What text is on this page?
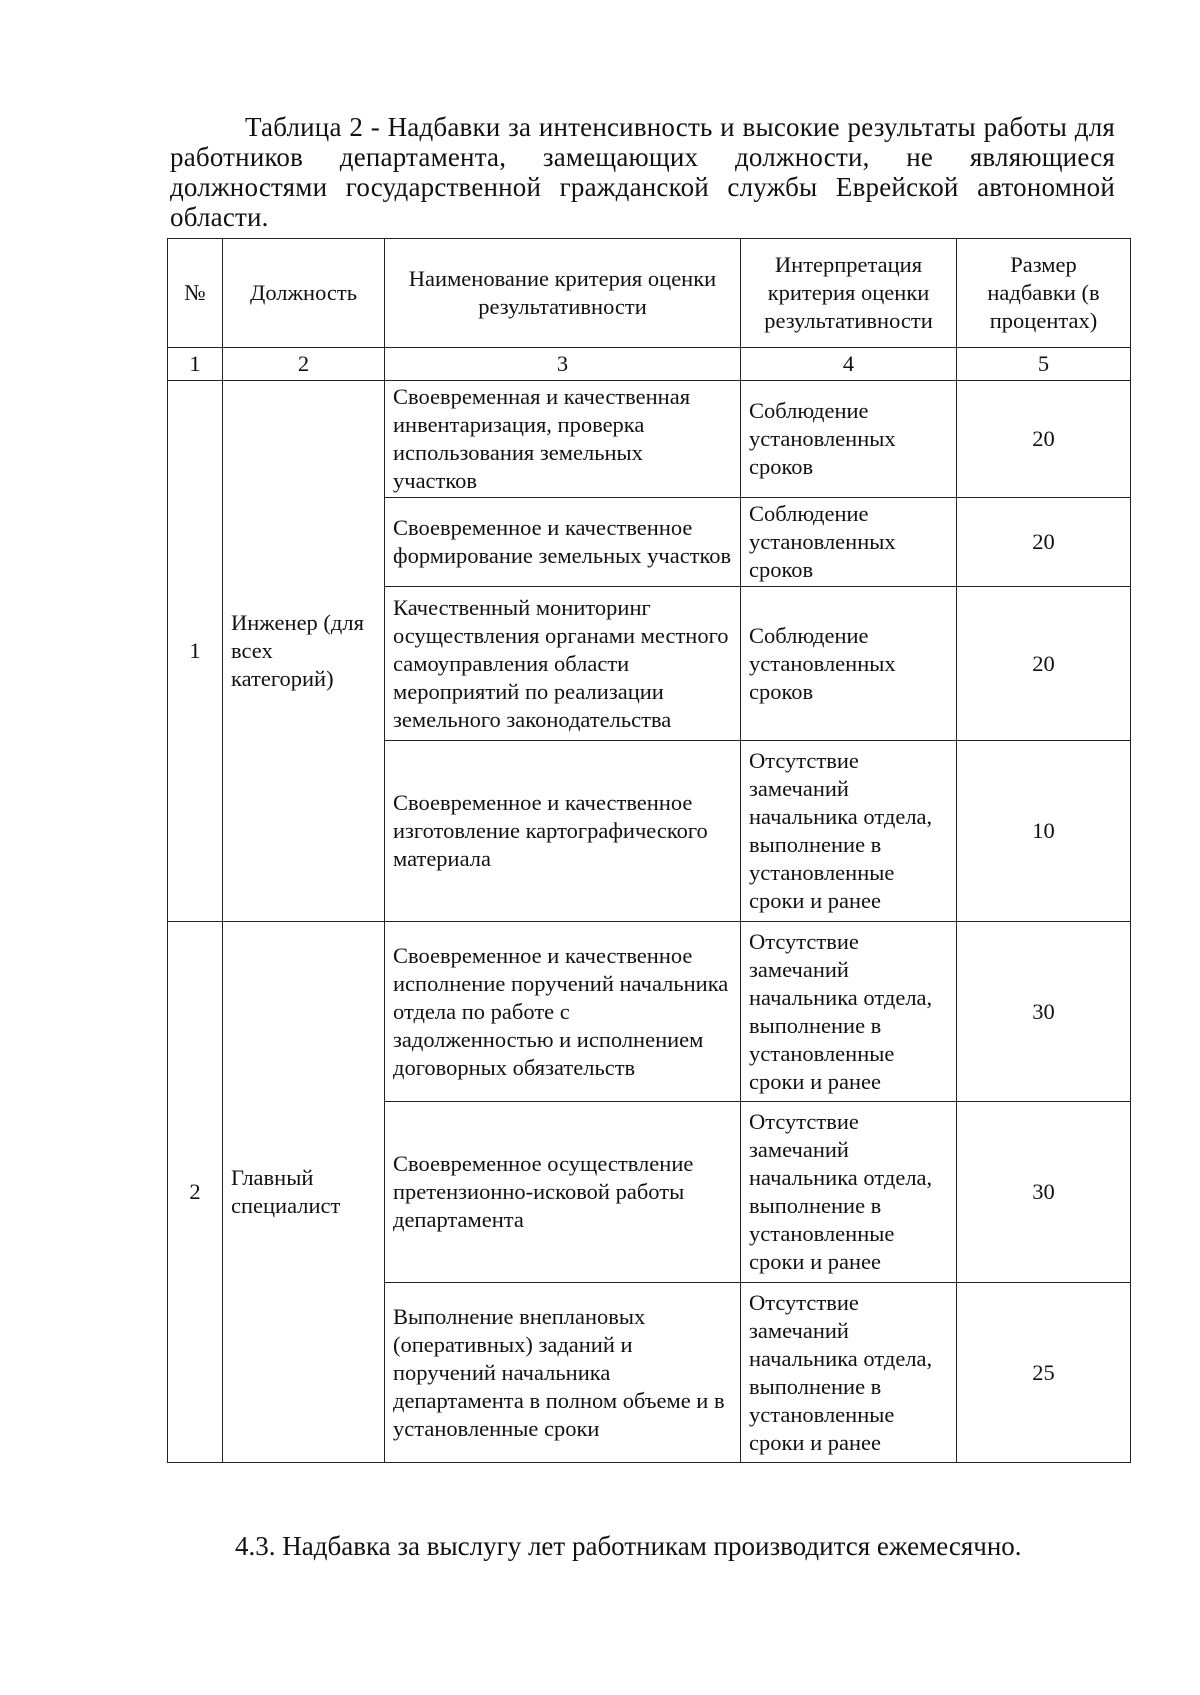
Таблица 2 - Надбавки за интенсивность и высокие результаты работы для работников департамента, замещающих должности, не являющиеся должностями государственной гражданской службы Еврейской автономной области.
№	Должность	Наименование критерия оценки результативности	Интерпретация критерия оценки результативности	Размер надбавки (в процентах)
1	2	3	4	5
1	Инженер (для всех категорий)	Своевременная и качественная инвентаризация, проверка использования земельных участков	Соблюдение установленных сроков	20
		Своевременное и качественное формирование земельных участков	Соблюдение установленных сроков	20
		Качественный мониторинг осуществления органами местного самоуправления области мероприятий по реализации земельного законодательства	Соблюдение установленных сроков	20
		Своевременное и качественное изготовление картографического материала	Отсутствие замечаний начальника отдела, выполнение в установленные сроки и ранее	10
2	Главный специалист	Своевременное и качественное исполнение поручений начальника отдела по работе с задолженностью и исполнением договорных обязательств	Отсутствие замечаний начальника отдела, выполнение в установленные сроки и ранее	30
		Своевременное осуществление претензионно-исковой работы департамента	Отсутствие замечаний начальника отдела, выполнение в установленные сроки и ранее	30
		Выполнение внеплановых (оперативных) заданий и поручений начальника департамента в полном объеме и в установленные сроки	Отсутствие замечаний начальника отдела, выполнение в установленные сроки и ранее	25
4.3. Надбавка за выслугу лет работникам производится ежемесячно.
